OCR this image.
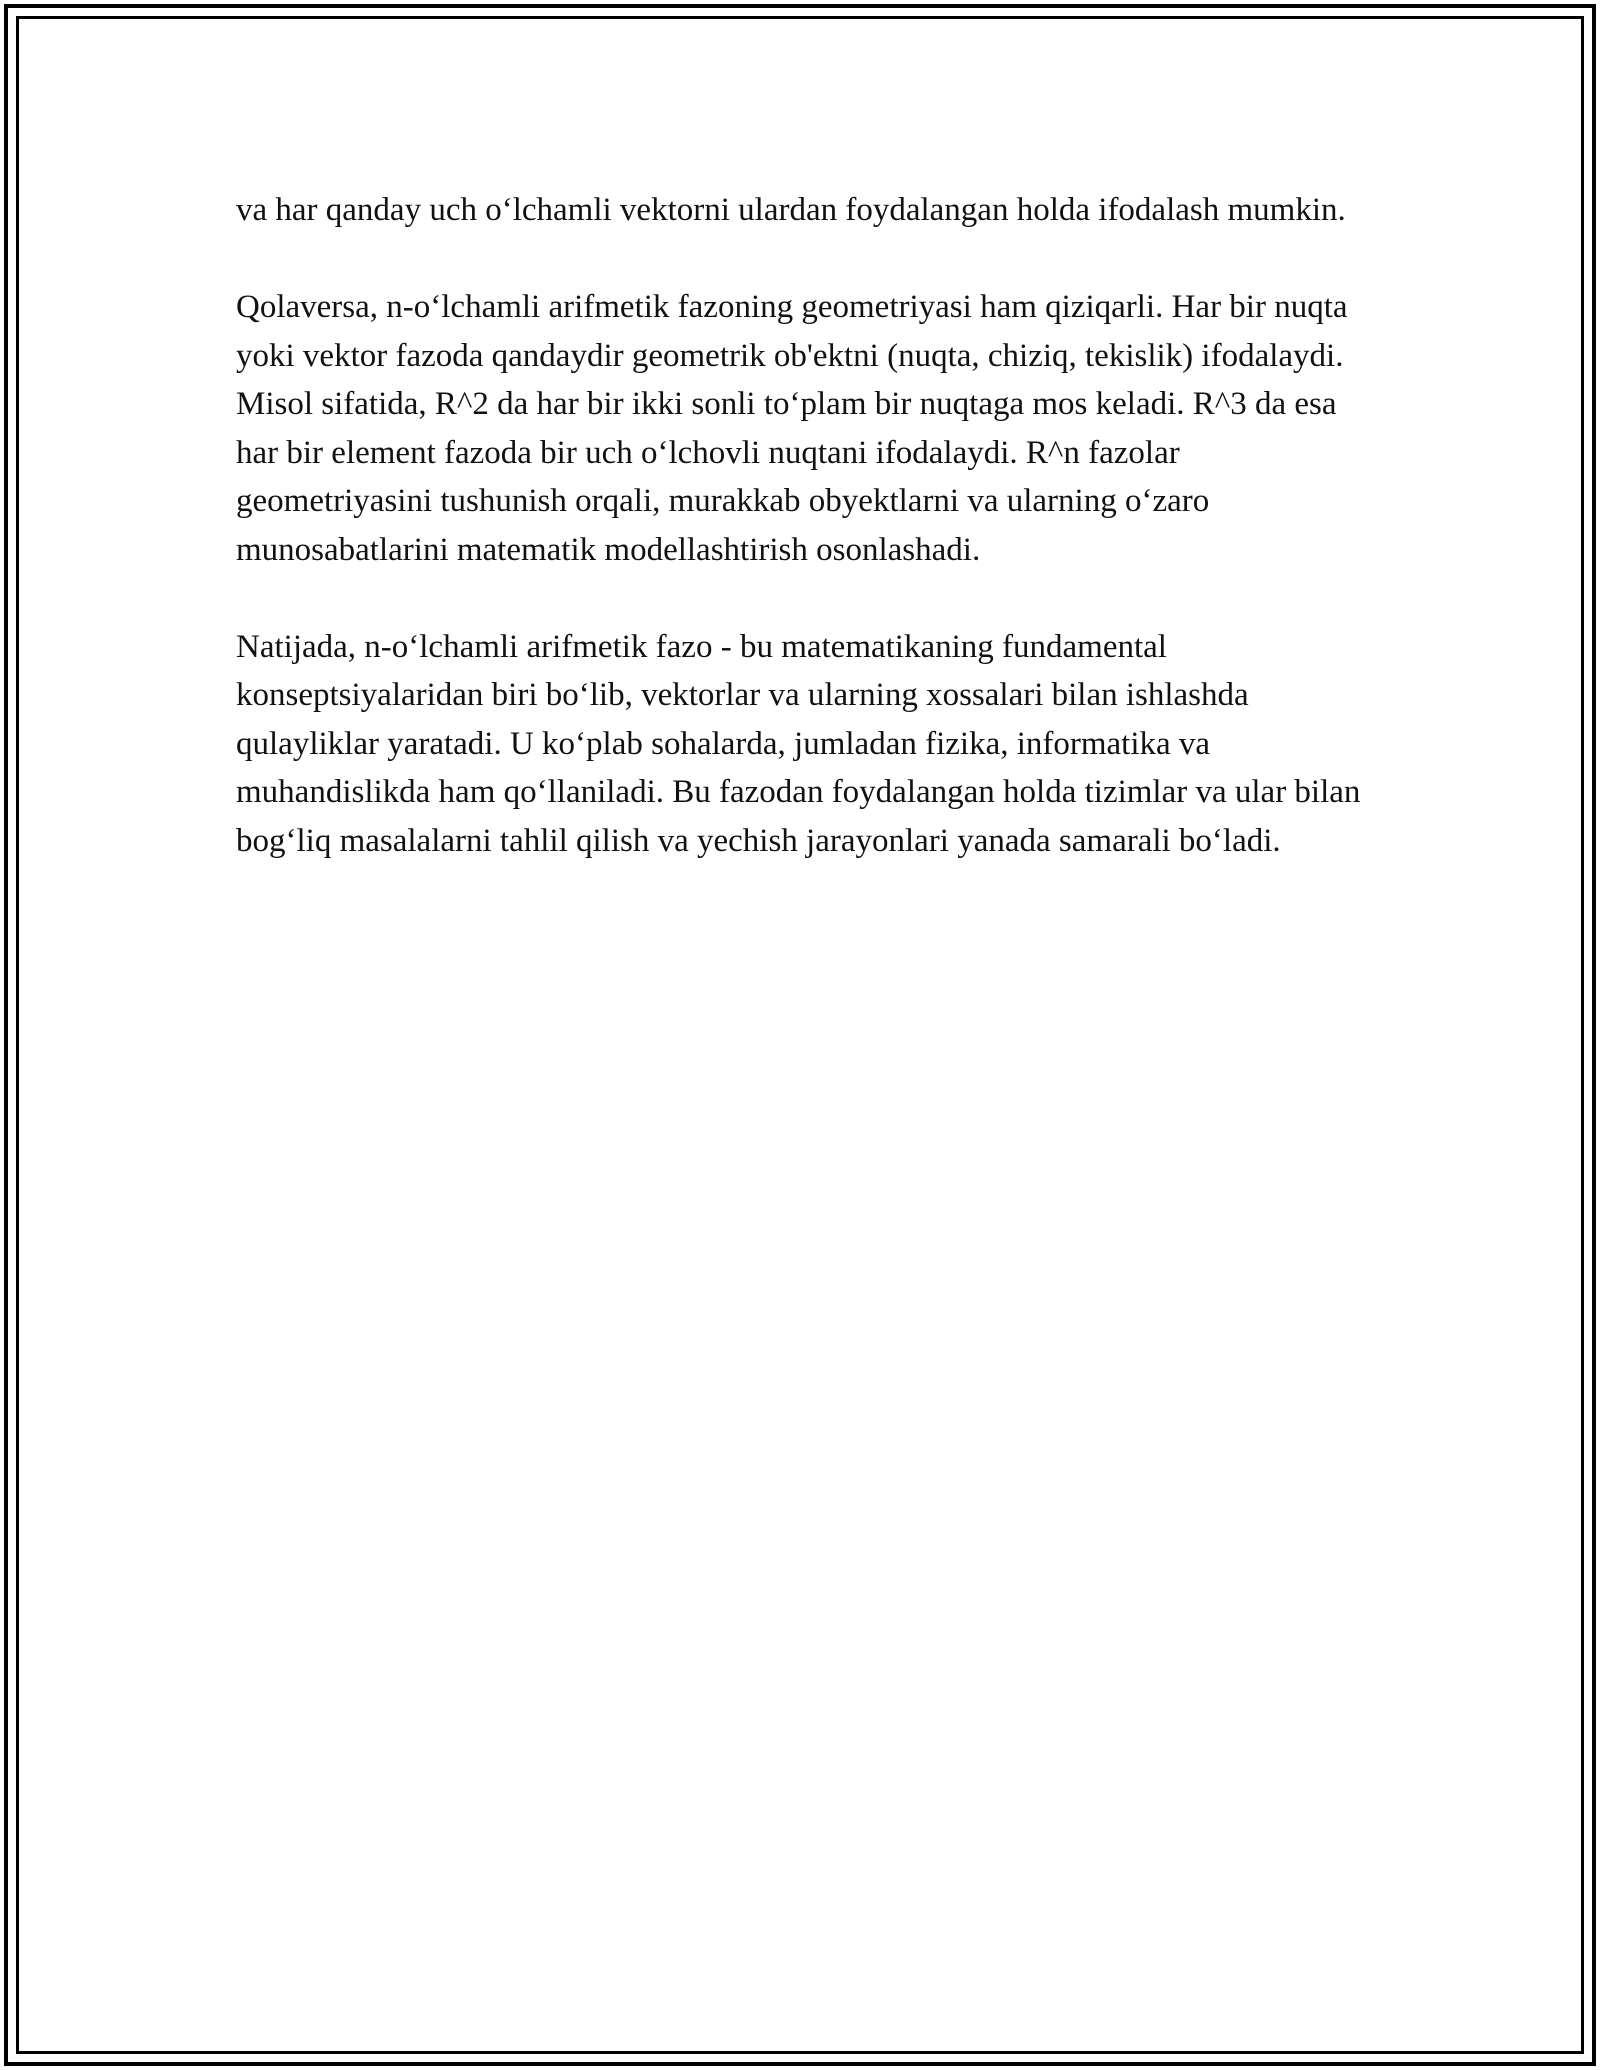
va har qanday uch o‘lchamli vektorni ulardan foydalangan holda ifodalash mumkin.

Qolaversa, n-o‘lchamli arifmetik fazoning geometriyasi ham qiziqarli. Har bir nuqta yoki vektor fazoda qandaydir geometrik ob'ektni (nuqta, chiziq, tekislik) ifodalaydi. Misol sifatida, R^2 da har bir ikki sonli to‘plam bir nuqtaga mos keladi. R^3 da esa har bir element fazoda bir uch o‘lchovli nuqtani ifodalaydi. R^n fazolar geometriyasini tushunish orqali, murakkab obyektlarni va ularning o‘zaro munosabatlarini matematik modellashtirish osonlashadi.

Natijada, n-o‘lchamli arifmetik fazo - bu matematikaning fundamental konseptsiyalaridan biri bo‘lib, vektorlar va ularning xossalari bilan ishlashda qulayliklar yaratadi. U ko‘plab sohalarda, jumladan fizika, informatika va muhandislikda ham qo‘llaniladi. Bu fazodan foydalangan holda tizimlar va ular bilan bog‘liq masalalarni tahlil qilish va yechish jarayonlari yanada samarali bo‘ladi.
